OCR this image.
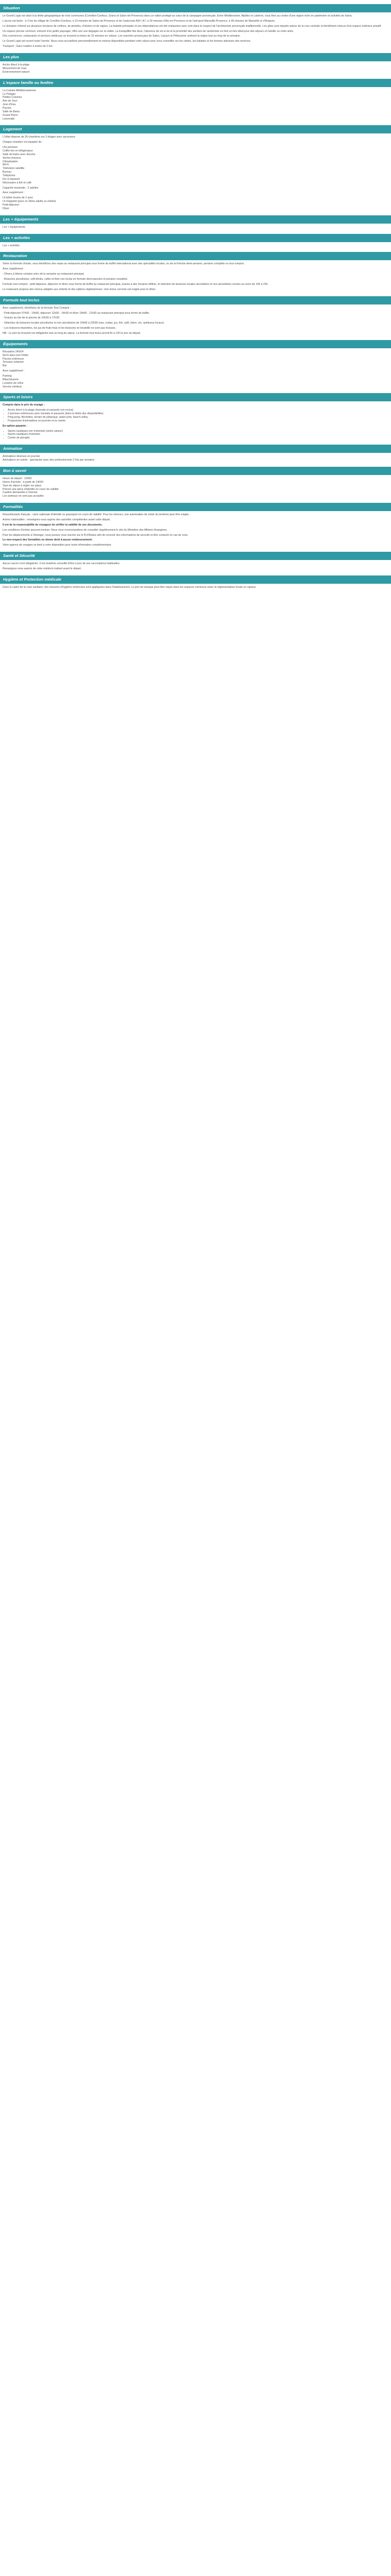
Situation

Le Grand Logis est situé à la limite géographique de trois communes (Cornillon-Confoux, Grans et Salon-de-Provence) dans un vallon protégé au cœur de la campagne provençale. Entre Méditerranée, Alpilles et Lubéron, vous êtes au centre d'une région riche en patrimoine et activités de loisirs.

L'accès est facile : à 3 km du village de Cornillon-Confoux, à 10 minutes de Salon-de-Provence et de l'autoroute A54 / A7, à 30 minutes d'Aix-en-Provence et de l'aéroport Marseille-Provence, à 45 minutes de Marseille et d'Avignon.

Le domaine s'étend sur plusieurs hectares de collines, de pinèdes, d'oliviers et de vignes. La bastide principale et ses dépendances ont été restaurées avec soin dans le respect de l'architecture provençale traditionnelle. Les gîtes sont répartis autour de la cour centrale et bénéficient chacun d'un espace extérieur privatif.

Un espace piscine commun, entouré d'un jardin paysager, offre une vue dégagée sur la vallée. La tranquillité des lieux, l'absence de vis-à-vis et la proximité des sentiers de randonnée en font un lieu idéal pour des séjours en famille ou entre amis.

Des commerces, restaurants et services médicaux se trouvent à moins de 10 minutes en voiture. Les marchés provençaux de Salon, Lançon et Pélissanne animent la région tout au long de la semaine.

Le Grand Logis est ouvert toute l'année. Nous vous accueillons personnellement et restons disponibles pendant votre séjour pour vous conseiller sur les visites, les balades et les bonnes adresses des environs.

Transport : Gare routière à moins de 2 km.

Les plus
Accès direct à la plage
Mouvement de l'eau
Environnement naturel
L'espace famille ou fenêtre
La Cuisine Méditerranéenne
Le Potager
Petites Cuisines
Aire de Jeux
Jeux d'Eau
Piscine
Salle de Bains
Grand Pierre
Lavomatic
Logement

L'hôtel dispose de 26 chambres sur 3 étages avec ascenseur.

Chaque chambre est équipée de :

Lits jumeaux
Coffre-fort et réfrigérateur
Salle de bains avec douche
Sèche-cheveux
Climatisation
Wi-Fi
Télévision satellite
Bureau
Téléphone
Fer à repasser
Nécessaire à thé et café

Capacité maximale : 2 adultes

Avec supplément :

Lit bébé (moins de 2 ans)
Lit d'appoint (pour un 3ème adulte ou enfant)
Petit-déjeuner
Dîner
Les + équipements

Les + équipements

Les + activités

Les + activités

Restauration

Selon la formule choisie, vous bénéficiez des repas au restaurant principal sous forme de buffet international avec des spécialités locales, ou de la formule demi-pension, pension complète ou tout compris.

Avec supplément :

- Dîners à thème certains soirs de la semaine au restaurant principal.

- Boissons alcoolisées, soft-drinks, cafés et thés non inclus en formule demi-pension et pension complète.

Formule tout compris : petit-déjeuner, déjeuner et dîner sous forme de buffet au restaurant principal, snacks à des horaires définis, et sélection de boissons locales alcoolisées et non alcoolisées servies au verre de 10h à 23h.

Le restaurant propose des menus adaptés aux enfants et des options végétariennes. Une tenue correcte est exigée pour le dîner.

Formule tout inclus

Avec supplément, bénéficiez de la formule Tout Compris :

- Petit-déjeuner 07h00 - 10h00, déjeuner 12h30 - 14h30 et dîner 19h00 - 21h30 au restaurant principal sous forme de buffet.

- Snacks au bar de la piscine de 10h30 à 17h30.

- Sélection de boissons locales alcoolisées et non alcoolisées de 10h00 à 23h00 (eau, sodas, jus, thé, café, bière, vin, spiritueux locaux).

- Les boissons importées, les jus de fruits frais et les boissons en bouteille ne sont pas incluses.

NB : Le port du bracelet est obligatoire tout au long du séjour. La formule tout inclus prend fin à 12h le jour du départ.

Équipements
Réception 24h/24
Wi-Fi dans tout l'hôtel
Piscine extérieure
Terrasse solarium
Bar

Avec supplément :

Parking
Blanchisserie
Location de vélos
Service médical
Sports et loisirs

Compris dans le prix du voyage :

• Accès direct à la plage (transats et parasols non inclus)
• 2 piscines extérieures avec transats et parasols (dans la limite des disponibilités)
• Ping-pong, fléchettes, terrain de pétanque, water-polo, beach-volley
• Programme d'animations en journée et en soirée

En option payante :

• Sports nautiques non motorisés (selon saison)
• Sports nautiques motorisés
• Centre de plongée
Animation
Animations diverses en journée
Animations en soirée : spectacles avec des professionnels 2 fois par semaine
Bon à savoir
Heure de départ : 12h00
Heure d'arrivée : à partir de 14h00
Taxe de séjour à régler sur place
Prévoir une pièce d'identité en cours de validité
Caution demandée à l'arrivée
Les animaux ne sont pas acceptés
Formalités

Ressortissants français : carte nationale d'identité ou passeport en cours de validité. Pour les mineurs, une autorisation de sortie du territoire peut être exigée.

Autres nationalités : renseignez-vous auprès des autorités compétentes avant votre départ.

Il est de la responsabilité du voyageur de vérifier la validité de ses documents.

Les conditions d'entrée peuvent évoluer. Nous vous recommandons de consulter régulièrement le site du Ministère des Affaires étrangères.

Pour les déplacements à l'étranger, vous pouvez vous inscrire sur le fil d'Ariane afin de recevoir des informations de sécurité et être contacté en cas de crise.

Le non-respect des formalités ne donne droit à aucun remboursement.

Votre agence de voyages se tient à votre disposition pour toute information complémentaire.

Santé et Sécurité

Aucun vaccin n'est obligatoire. Il est toutefois conseillé d'être à jour de ses vaccinations habituelles.

Renseignez-vous auprès de votre médecin traitant avant le départ.

Hygiène et Protection médicale

Dans le cadre de la crise sanitaire, des mesures d'hygiène renforcées sont appliquées dans l'établissement. Le port du masque peut être requis dans les espaces communs selon la réglementation locale en vigueur.
